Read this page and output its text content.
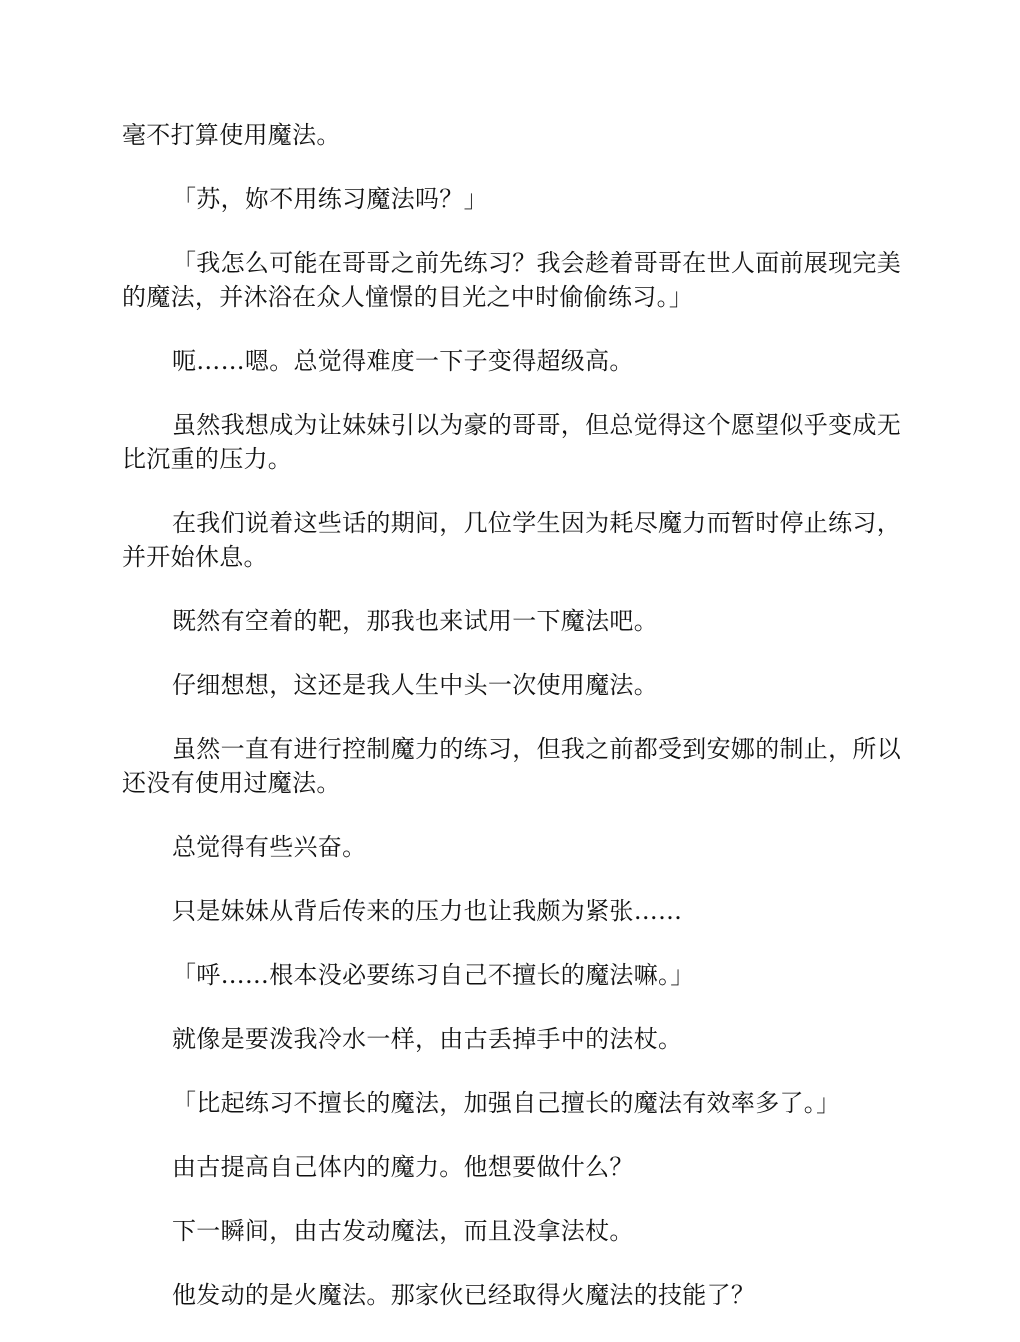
毫不打算使用魔法。

「苏，妳不用练习魔法吗？」

「我怎么可能在哥哥之前先练习？我会趁着哥哥在世人面前展现完美的魔法，并沐浴在众人憧憬的目光之中时偷偷练习。」

呃……嗯。总觉得难度一下子变得超级高。

虽然我想成为让妹妹引以为豪的哥哥，但总觉得这个愿望似乎变成无比沉重的压力。

在我们说着这些话的期间，几位学生因为耗尽魔力而暂时停止练习，并开始休息。

既然有空着的靶，那我也来试用一下魔法吧。

仔细想想，这还是我人生中头一次使用魔法。

虽然一直有进行控制魔力的练习，但我之前都受到安娜的制止，所以还没有使用过魔法。

总觉得有些兴奋。

只是妹妹从背后传来的压力也让我颇为紧张……

「呼……根本没必要练习自己不擅长的魔法嘛。」

就像是要泼我冷水一样，由古丢掉手中的法杖。

「比起练习不擅长的魔法，加强自己擅长的魔法有效率多了。」

由古提高自己体内的魔力。他想要做什么？

下一瞬间，由古发动魔法，而且没拿法杖。

他发动的是火魔法。那家伙已经取得火魔法的技能了？
